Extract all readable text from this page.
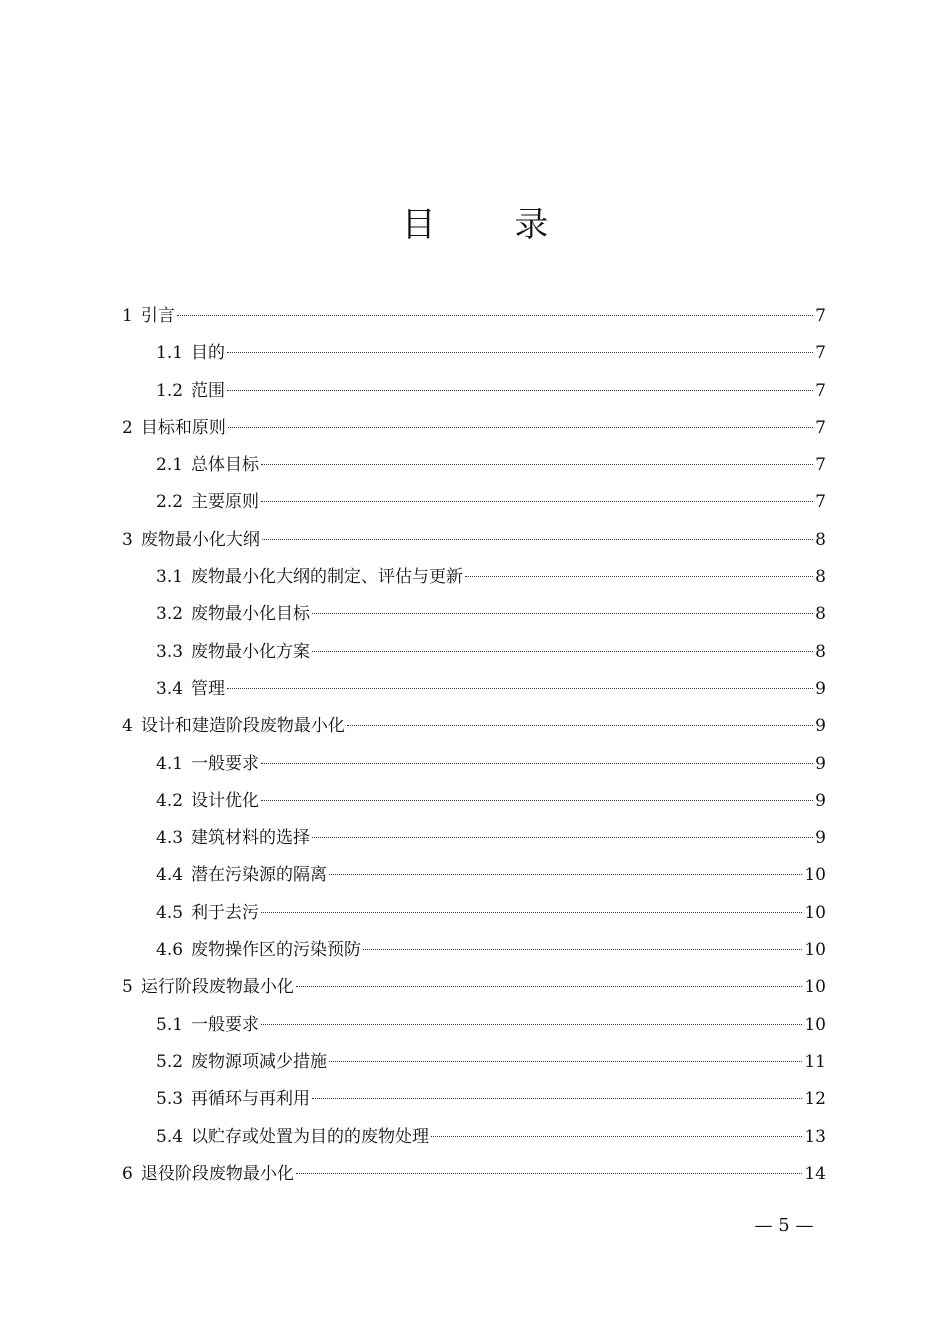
目 录
1 引言	7
1.1 目的	7
1.2 范围	7
2 目标和原则	7
2.1 总体目标	7
2.2 主要原则	7
3 废物最小化大纲	8
3.1 废物最小化大纲的制定、评估与更新	8
3.2 废物最小化目标	8
3.3 废物最小化方案	8
3.4 管理	9
4 设计和建造阶段废物最小化	9
4.1 一般要求	9
4.2 设计优化	9
4.3 建筑材料的选择	9
4.4 潜在污染源的隔离	10
4.5 利于去污	10
4.6 废物操作区的污染预防	10
5 运行阶段废物最小化	10
5.1 一般要求	10
5.2 废物源项减少措施	11
5.3 再循环与再利用	12
5.4 以贮存或处置为目的的废物处理	13
6 退役阶段废物最小化	14
— 5 —
